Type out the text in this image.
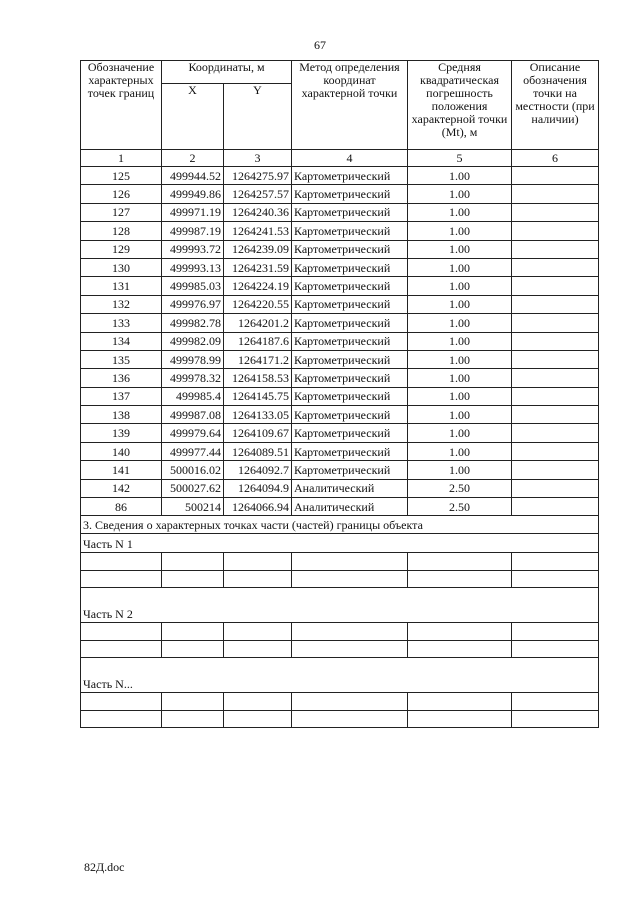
67
Обозначение характерных точек границ	Координаты, м		Метод определения координат характерной точки	Средняя квадратическая погрешность положения характерной точки (Mt), м	Описание обозначения точки на местности (при наличии)
	X	Y			
1	2	3	4	5	6
125	499944.52	1264275.97	Картометрический	1.00	
126	499949.86	1264257.57	Картометрический	1.00	
127	499971.19	1264240.36	Картометрический	1.00	
128	499987.19	1264241.53	Картометрический	1.00	
129	499993.72	1264239.09	Картометрический	1.00	
130	499993.13	1264231.59	Картометрический	1.00	
131	499985.03	1264224.19	Картометрический	1.00	
132	499976.97	1264220.55	Картометрический	1.00	
133	499982.78	1264201.2	Картометрический	1.00	
134	499982.09	1264187.6	Картометрический	1.00	
135	499978.99	1264171.2	Картометрический	1.00	
136	499978.32	1264158.53	Картометрический	1.00	
137	499985.4	1264145.75	Картометрический	1.00	
138	499987.08	1264133.05	Картометрический	1.00	
139	499979.64	1264109.67	Картометрический	1.00	
140	499977.44	1264089.51	Картометрический	1.00	
141	500016.02	1264092.7	Картометрический	1.00	
142	500027.62	1264094.9	Аналитический	2.50	
86	500214	1264066.94	Аналитический	2.50	
3. Сведения о характерных точках части (частей) границы объекта					
Часть N 1					

Часть N 2					

Часть N...					

82Д.doc
